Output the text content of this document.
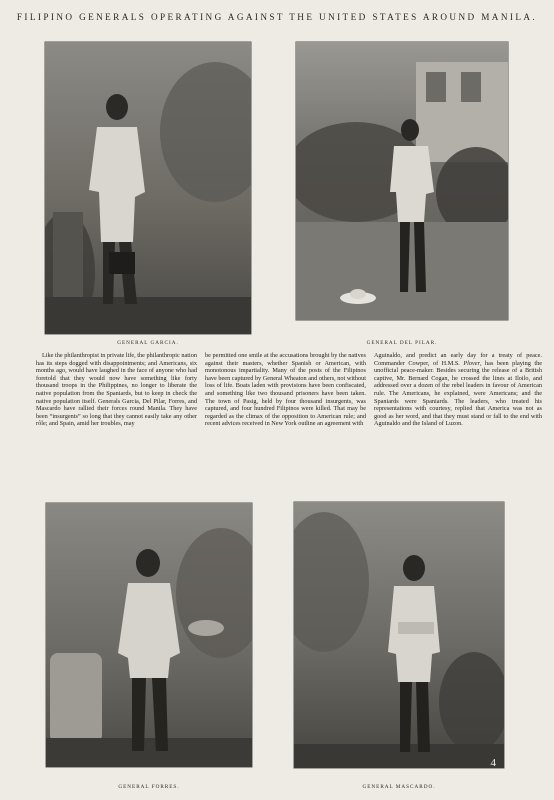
FILIPINO GENERALS OPERATING AGAINST THE UNITED STATES AROUND MANILA.
GENERAL GARCIA.	GENERAL DEL PILAR.

Like the philanthropist in private life, the philanthropic nation has its steps dogged with disappointments; and Americans, six months ago, would have laughed in the face of anyone who had foretold that they would now have something like forty thousand troops in the Philippines, no longer to liberate the native population from the Spaniards, but to keep in check the native population itself. Generals Garcia, Del Pilar, Forres, and Mascardo have rallied their forces round Manila. They have been “insurgents” so long that they cannot easily take any other rôle; and Spain, amid her troubles, may

be permitted one smile at the accusations brought by the natives against their masters, whether Spanish or American, with monotonous impartiality. Many of the posts of the Filipinos have been captured by General Wheaton and others, not without loss of life. Boats laden with provisions have been confiscated, and something like two thousand prisoners have been taken. The town of Pasig, held by four thousand insurgents, was captured, and four hundred Filipinos were killed. That may be regarded as the climax of the opposition to American rule; and recent advices received in New York outline an agreement with

Aguinaldo, and predict an early day for a treaty of peace. Commander Cowper, of H.M.S. Plover, has been playing the unofficial peace-maker. Besides securing the release of a British captive, Mr. Bernard Cogan, he crossed the lines at Iloilo, and addressed over a dozen of the rebel leaders in favour of American rule. The Americans, he explained, were Americans; and the Spaniards were Spaniards. The leaders, who treated his representations with courtesy, replied that America was not as good as her word, and that they must stand or fall to the end with Aguinaldo and the Island of Luzon.

GENERAL FORRES.	GENERAL MASCARDO.
4
